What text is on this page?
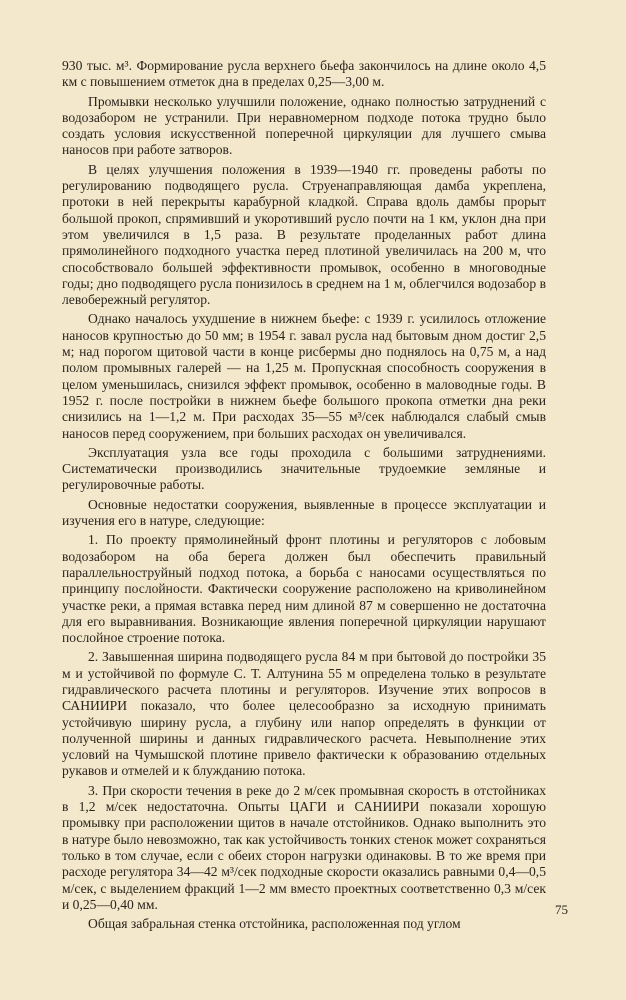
930 тыс. м³. Формирование русла верхнего бьефа закончилось на длине около 4,5 км с повышением отметок дна в пределах 0,25—3,00 м.

Промывки несколько улучшили положение, однако полностью затруднений с водозабором не устранили. При неравномерном подходе потока трудно было создать условия искусственной поперечной циркуляции для лучшего смыва наносов при работе затворов.

В целях улучшения положения в 1939—1940 гг. проведены работы по регулированию подводящего русла. Струенаправляющая дамба укреплена, протоки в ней перекрыты карабурной кладкой. Справа вдоль дамбы прорыт большой прокоп, спрямивший и укоротивший русло почти на 1 км, уклон дна при этом увеличился в 1,5 раза. В результате проделанных работ длина прямолинейного подходного участка перед плотиной увеличилась на 200 м, что способствовало большей эффективности промывок, особенно в многоводные годы; дно подводящего русла понизилось в среднем на 1 м, облегчился водозабор в левобережный регулятор.

Однако началось ухудшение в нижнем бьефе: с 1939 г. усилилось отложение наносов крупностью до 50 мм; в 1954 г. завал русла над бытовым дном достиг 2,5 м; над порогом щитовой части в конце рисбермы дно поднялось на 0,75 м, а над полом промывных галерей — на 1,25 м. Пропускная способность сооружения в целом уменьшилась, снизился эффект промывок, особенно в маловодные годы. В 1952 г. после постройки в нижнем бьефе большого прокопа отметки дна реки снизились на 1—1,2 м. При расходах 35—55 м³/сек наблюдался слабый смыв наносов перед сооружением, при больших расходах он увеличивался.

Эксплуатация узла все годы проходила с большими затруднениями. Систематически производились значительные трудоемкие земляные и регулировочные работы.

Основные недостатки сооружения, выявленные в процессе эксплуатации и изучения его в натуре, следующие:

1. По проекту прямолинейный фронт плотины и регуляторов с лобовым водозабором на оба берега должен был обеспечить правильный параллельноструйный подход потока, а борьба с наносами осуществляться по принципу послойности. Фактически сооружение расположено на криволинейном участке реки, а прямая вставка перед ним длиной 87 м совершенно не достаточна для его выравнивания. Возникающие явления поперечной циркуляции нарушают послойное строение потока.

2. Завышенная ширина подводящего русла 84 м при бытовой до постройки 35 м и устойчивой по формуле С. Т. Алтунина 55 м определена только в результате гидравлического расчета плотины и регуляторов. Изучение этих вопросов в САНИИРИ показало, что более целесообразно за исходную принимать устойчивую ширину русла, а глубину или напор определять в функции от полученной ширины и данных гидравлического расчета. Невыполнение этих условий на Чумышской плотине привело фактически к образованию отдельных рукавов и отмелей и к блужданию потока.

3. При скорости течения в реке до 2 м/сек промывная скорость в отстойниках в 1,2 м/сек недостаточна. Опыты ЦАГИ и САНИИРИ показали хорошую промывку при расположении щитов в начале отстойников. Однако выполнить это в натуре было невозможно, так как устойчивость тонких стенок может сохраняться только в том случае, если с обеих сторон нагрузки одинаковы. В то же время при расходе регулятора 34—42 м³/сек подходные скорости оказались равными 0,4—0,5 м/сек, с выделением фракций 1—2 мм вместо проектных соответственно 0,3 м/сек и 0,25—0,40 мм.

Общая забральная стенка отстойника, расположенная под углом

75
